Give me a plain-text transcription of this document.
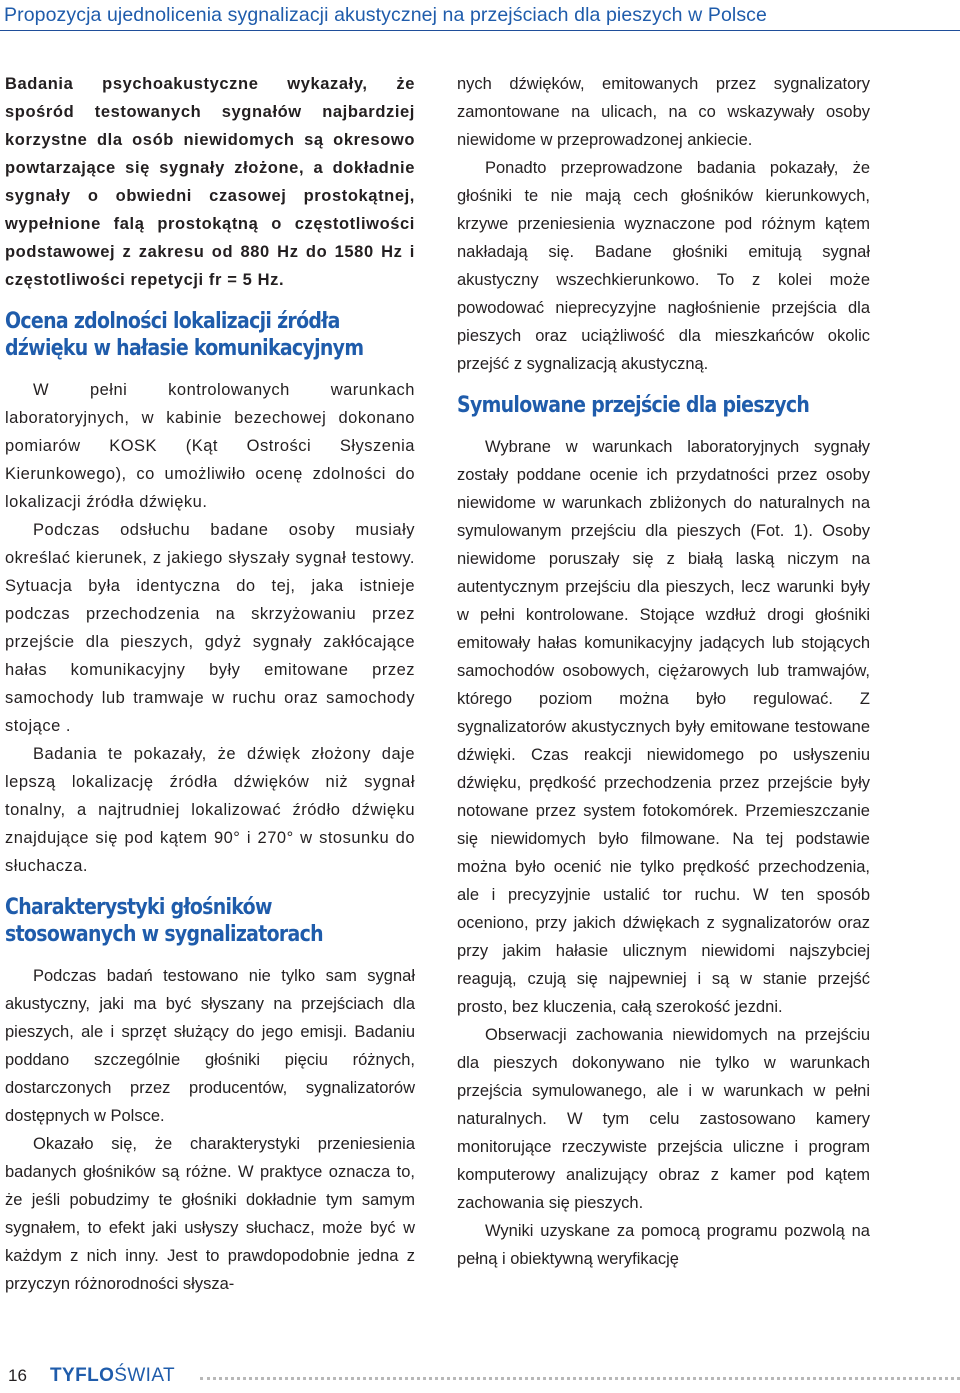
Propozycja ujednolicenia sygnalizacji akustycznej na przejściach dla pieszych w Polsce

Badania psychoakustyczne wykazały, że spośród testowanych sygnałów najbardziej korzystne dla osób niewidomych są okresowo powtarzające się sygnały złożone, a dokładnie sygnały o obwiedni czasowej prostokątnej, wypełnione falą prostokątną o częstotliwości podstawowej z zakresu od 880 Hz do 1580 Hz i częstotliwości repetycji fr = 5 Hz.

Ocena zdolności lokalizacji źródła
dźwięku w hałasie komunikacyjnym

W pełni kontrolowanych warunkach laboratoryjnych, w kabinie bezechowej dokonano pomiarów KOSK (Kąt Ostrości Słyszenia Kierunkowego), co umożliwiło ocenę zdolności do lokalizacji źródła dźwięku.

Podczas odsłuchu badane osoby musiały określać kierunek, z jakiego słyszały sygnał testowy. Sytuacja była identyczna do tej, jaka istnieje podczas przechodzenia na skrzyżowaniu przez przejście dla pieszych, gdyż sygnały zakłócające hałas komunikacyjny były emitowane przez samochody lub tramwaje w ruchu oraz samochody stojące .

Badania te pokazały, że dźwięk złożony daje lepszą lokalizację źródła dźwięków niż sygnał tonalny, a najtrudniej lokalizować źródło dźwięku znajdujące się pod kątem 90° i 270° w stosunku do słuchacza.

Charakterystyki głośników
stosowanych w sygnalizatorach

Podczas badań testowano nie tylko sam sygnał akustyczny, jaki ma być słyszany na przejściach dla pieszych, ale i sprzęt służący do jego emisji. Badaniu poddano szczególnie głośniki pięciu różnych, dostarczonych przez producentów, sygnalizatorów dostępnych w Polsce.

Okazało się, że charakterystyki przeniesienia badanych głośników są różne. W praktyce oznacza to, że jeśli pobudzimy te głośniki dokładnie tym samym sygnałem, to efekt jaki usłyszy słuchacz, może być w każdym z nich inny. Jest to prawdopodobnie jedna z przyczyn różnorodności słysza-

nych dźwięków, emitowanych przez sygnalizatory zamontowane na ulicach, na co wskazywały osoby niewidome w przeprowadzonej ankiecie.

Ponadto przeprowadzone badania pokazały, że głośniki te nie mają cech głośników kierunkowych, krzywe przeniesienia wyznaczone pod różnym kątem nakładają się. Badane głośniki emitują sygnał akustyczny wszechkierunkowo. To z kolei może powodować nieprecyzyjne nagłośnienie przejścia dla pieszych oraz uciążliwość dla mieszkańców okolic przejść z sygnalizacją akustyczną.

Symulowane przejście dla pieszych

Wybrane w warunkach laboratoryjnych sygnały zostały poddane ocenie ich przydatności przez osoby niewidome w warunkach zbliżonych do naturalnych na symulowanym przejściu dla pieszych (Fot. 1). Osoby niewidome poruszały się z białą laską niczym na autentycznym przejściu dla pieszych, lecz warunki były w pełni kontrolowane. Stojące wzdłuż drogi głośniki emitowały hałas komunikacyjny jadących lub stojących samochodów osobowych, ciężarowych lub tramwajów, którego poziom można było regulować. Z sygnalizatorów akustycznych były emitowane testowane dźwięki. Czas reakcji niewidomego po usłyszeniu dźwięku, prędkość przechodzenia przez przejście były notowane przez system fotokomórek. Przemieszczanie się niewidomych było filmowane. Na tej podstawie można było ocenić nie tylko prędkość przechodzenia, ale i precyzyjnie ustalić tor ruchu. W ten sposób oceniono, przy jakich dźwiękach z sygnalizatorów oraz przy jakim hałasie ulicznym niewidomi najszybciej reagują, czują się najpewniej i są w stanie przejść prosto, bez kluczenia, całą szerokość jezdni.

Obserwacji zachowania niewidomych na przejściu dla pieszych dokonywano nie tylko w warunkach przejścia symulowanego, ale i w warunkach w pełni naturalnych. W tym celu zastosowano kamery monitorujące rzeczywiste przejścia uliczne i program komputerowy analizujący obraz z kamer pod kątem zachowania się pieszych.

Wyniki uzyskane za pomocą programu pozwolą na pełną i obiektywną weryfikację

16 TYFLOŚWIAT
